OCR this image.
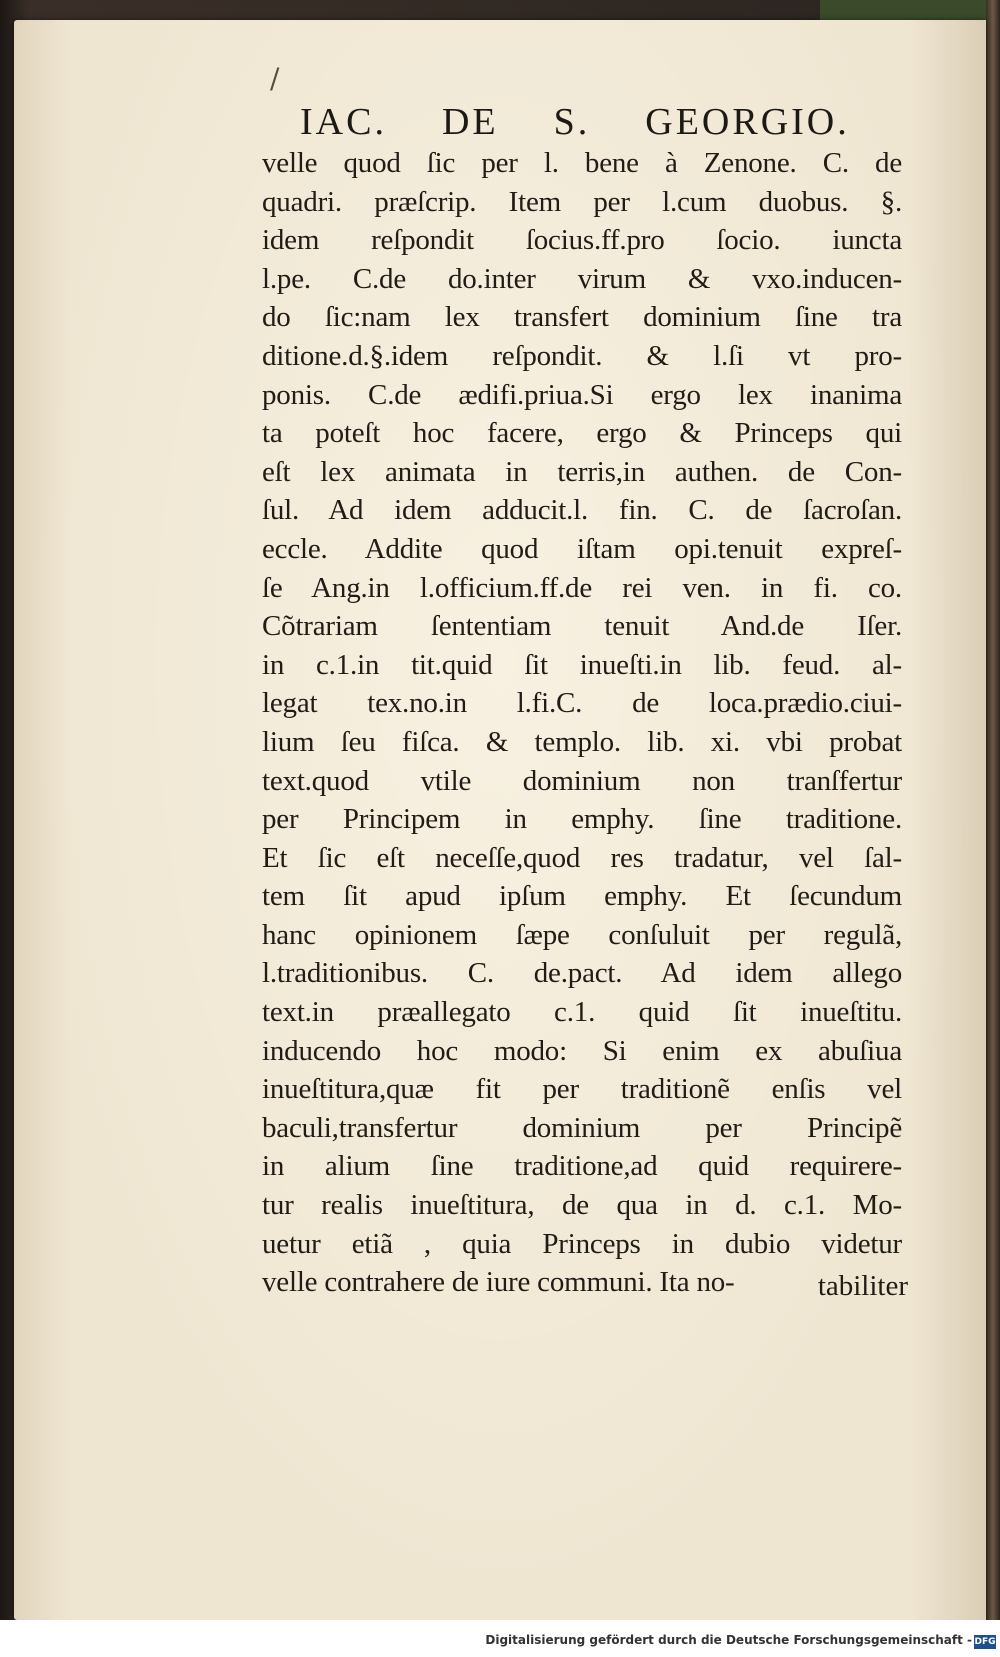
/
IAC. DE S. GEORGIO.
velle quod ſic per l. bene à Zenone. C. de
quadri. præſcrip. Item per l.cum duobus. §.
idem reſpondit ſocius.ff.pro ſocio. iuncta
l.pe. C.de do.inter virum & vxo.inducen-
do ſic:nam lex transfert dominium ſine tra
ditione.d.§.idem reſpondit. & l.ſi vt pro-
ponis. C.de ædifi.priua.Si ergo lex inanima
ta poteſt hoc facere, ergo & Princeps qui
eſt lex animata in terris,in authen. de Con-
ſul. Ad idem adducit.l. fin. C. de ſacroſan.
eccle. Addite quod iſtam opi.tenuit expreſ-
ſe Ang.in l.officium.ff.de rei ven. in fi. co.
Cõtrariam ſententiam tenuit And.de Iſer.
in c.1.in tit.quid ſit inueſti.in lib. feud. al-
legat tex.no.in l.fi.C. de loca.prædio.ciui-
lium ſeu fiſca. & templo. lib. xi. vbi probat
text.quod vtile dominium non tranſfertur
per Principem in emphy. ſine traditione.
Et ſic eſt neceſſe,quod res tradatur, vel ſal-
tem ſit apud ipſum emphy. Et ſecundum
hanc opinionem ſæpe conſuluit per regulã,
l.traditionibus. C. de.pact. Ad idem allego
text.in præallegato c.1. quid ſit inueſtitu.
inducendo hoc modo: Si enim ex abuſiua
inueſtitura,quæ fit per traditionẽ enſis vel
baculi,transfertur dominium per Principẽ
in alium ſine traditione,ad quid requirere-
tur realis inueſtitura, de qua in d. c.1. Mo-
uetur etiã , quia Princeps in dubio videtur
velle contrahere de iure communi. Ita no-	tabiliter
Digitalisierung gefördert durch die Deutsche Forschungsgemeinschaft - DFG
